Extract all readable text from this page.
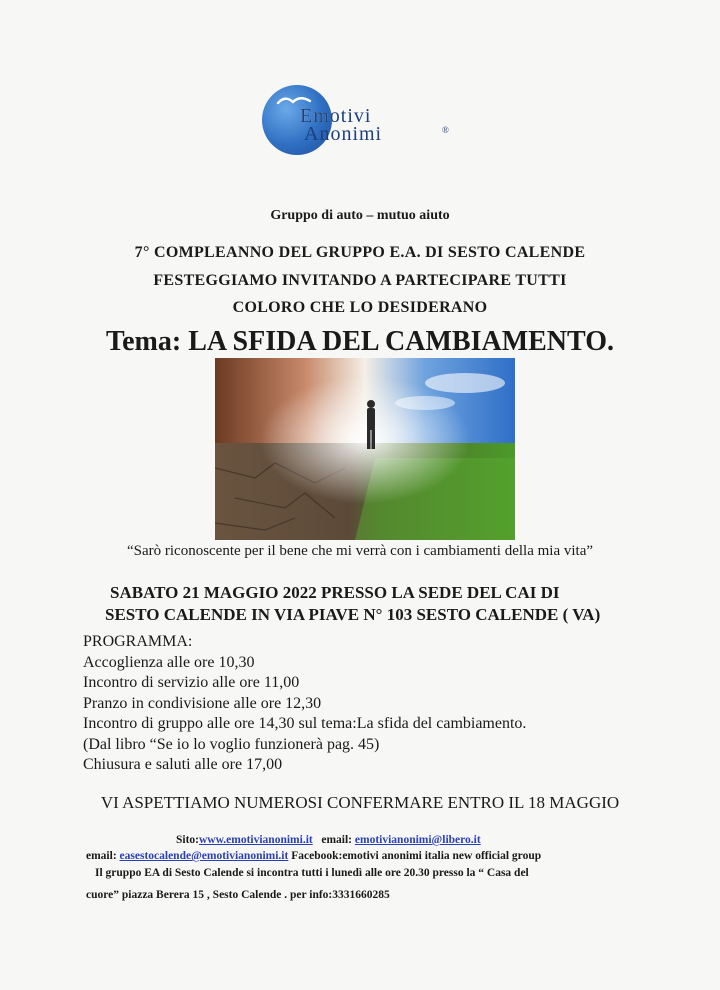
Emotivi
Anonimi	®
Gruppo di auto – mutuo aiuto
7° COMPLEANNO DEL GRUPPO E.A. DI SESTO CALENDE
FESTEGGIAMO INVITANDO A PARTECIPARE TUTTI
COLORO CHE LO DESIDERANO
Tema: LA SFIDA DEL CAMBIAMENTO.
“Sarò riconoscente per il bene che mi verrà con i cambiamenti della mia vita”
SABATO 21 MAGGIO 2022 PRESSO LA SEDE DEL CAI DI
SESTO CALENDE IN VIA PIAVE N° 103 SESTO CALENDE ( VA)
PROGRAMMA:
Accoglienza alle ore 10,30
Incontro di servizio alle ore 11,00
Pranzo in condivisione alle ore 12,30
Incontro di gruppo alle ore 14,30 sul tema:La sfida del cambiamento.
(Dal libro “Se io lo voglio funzionerà pag. 45)
Chiusura e saluti alle ore 17,00
VI ASPETTIAMO NUMEROSI CONFERMARE ENTRO IL 18 MAGGIO
Sito:www.emotivianonimi.it   email: emotivianonimi@libero.it
email: easestocalende@emotivianonimi.it Facebook:emotivi anonimi italia new official group
Il gruppo EA di Sesto Calende si incontra tutti i lunedì alle ore 20.30 presso la “ Casa del
cuore” piazza Berera 15 , Sesto Calende . per info:3331660285
